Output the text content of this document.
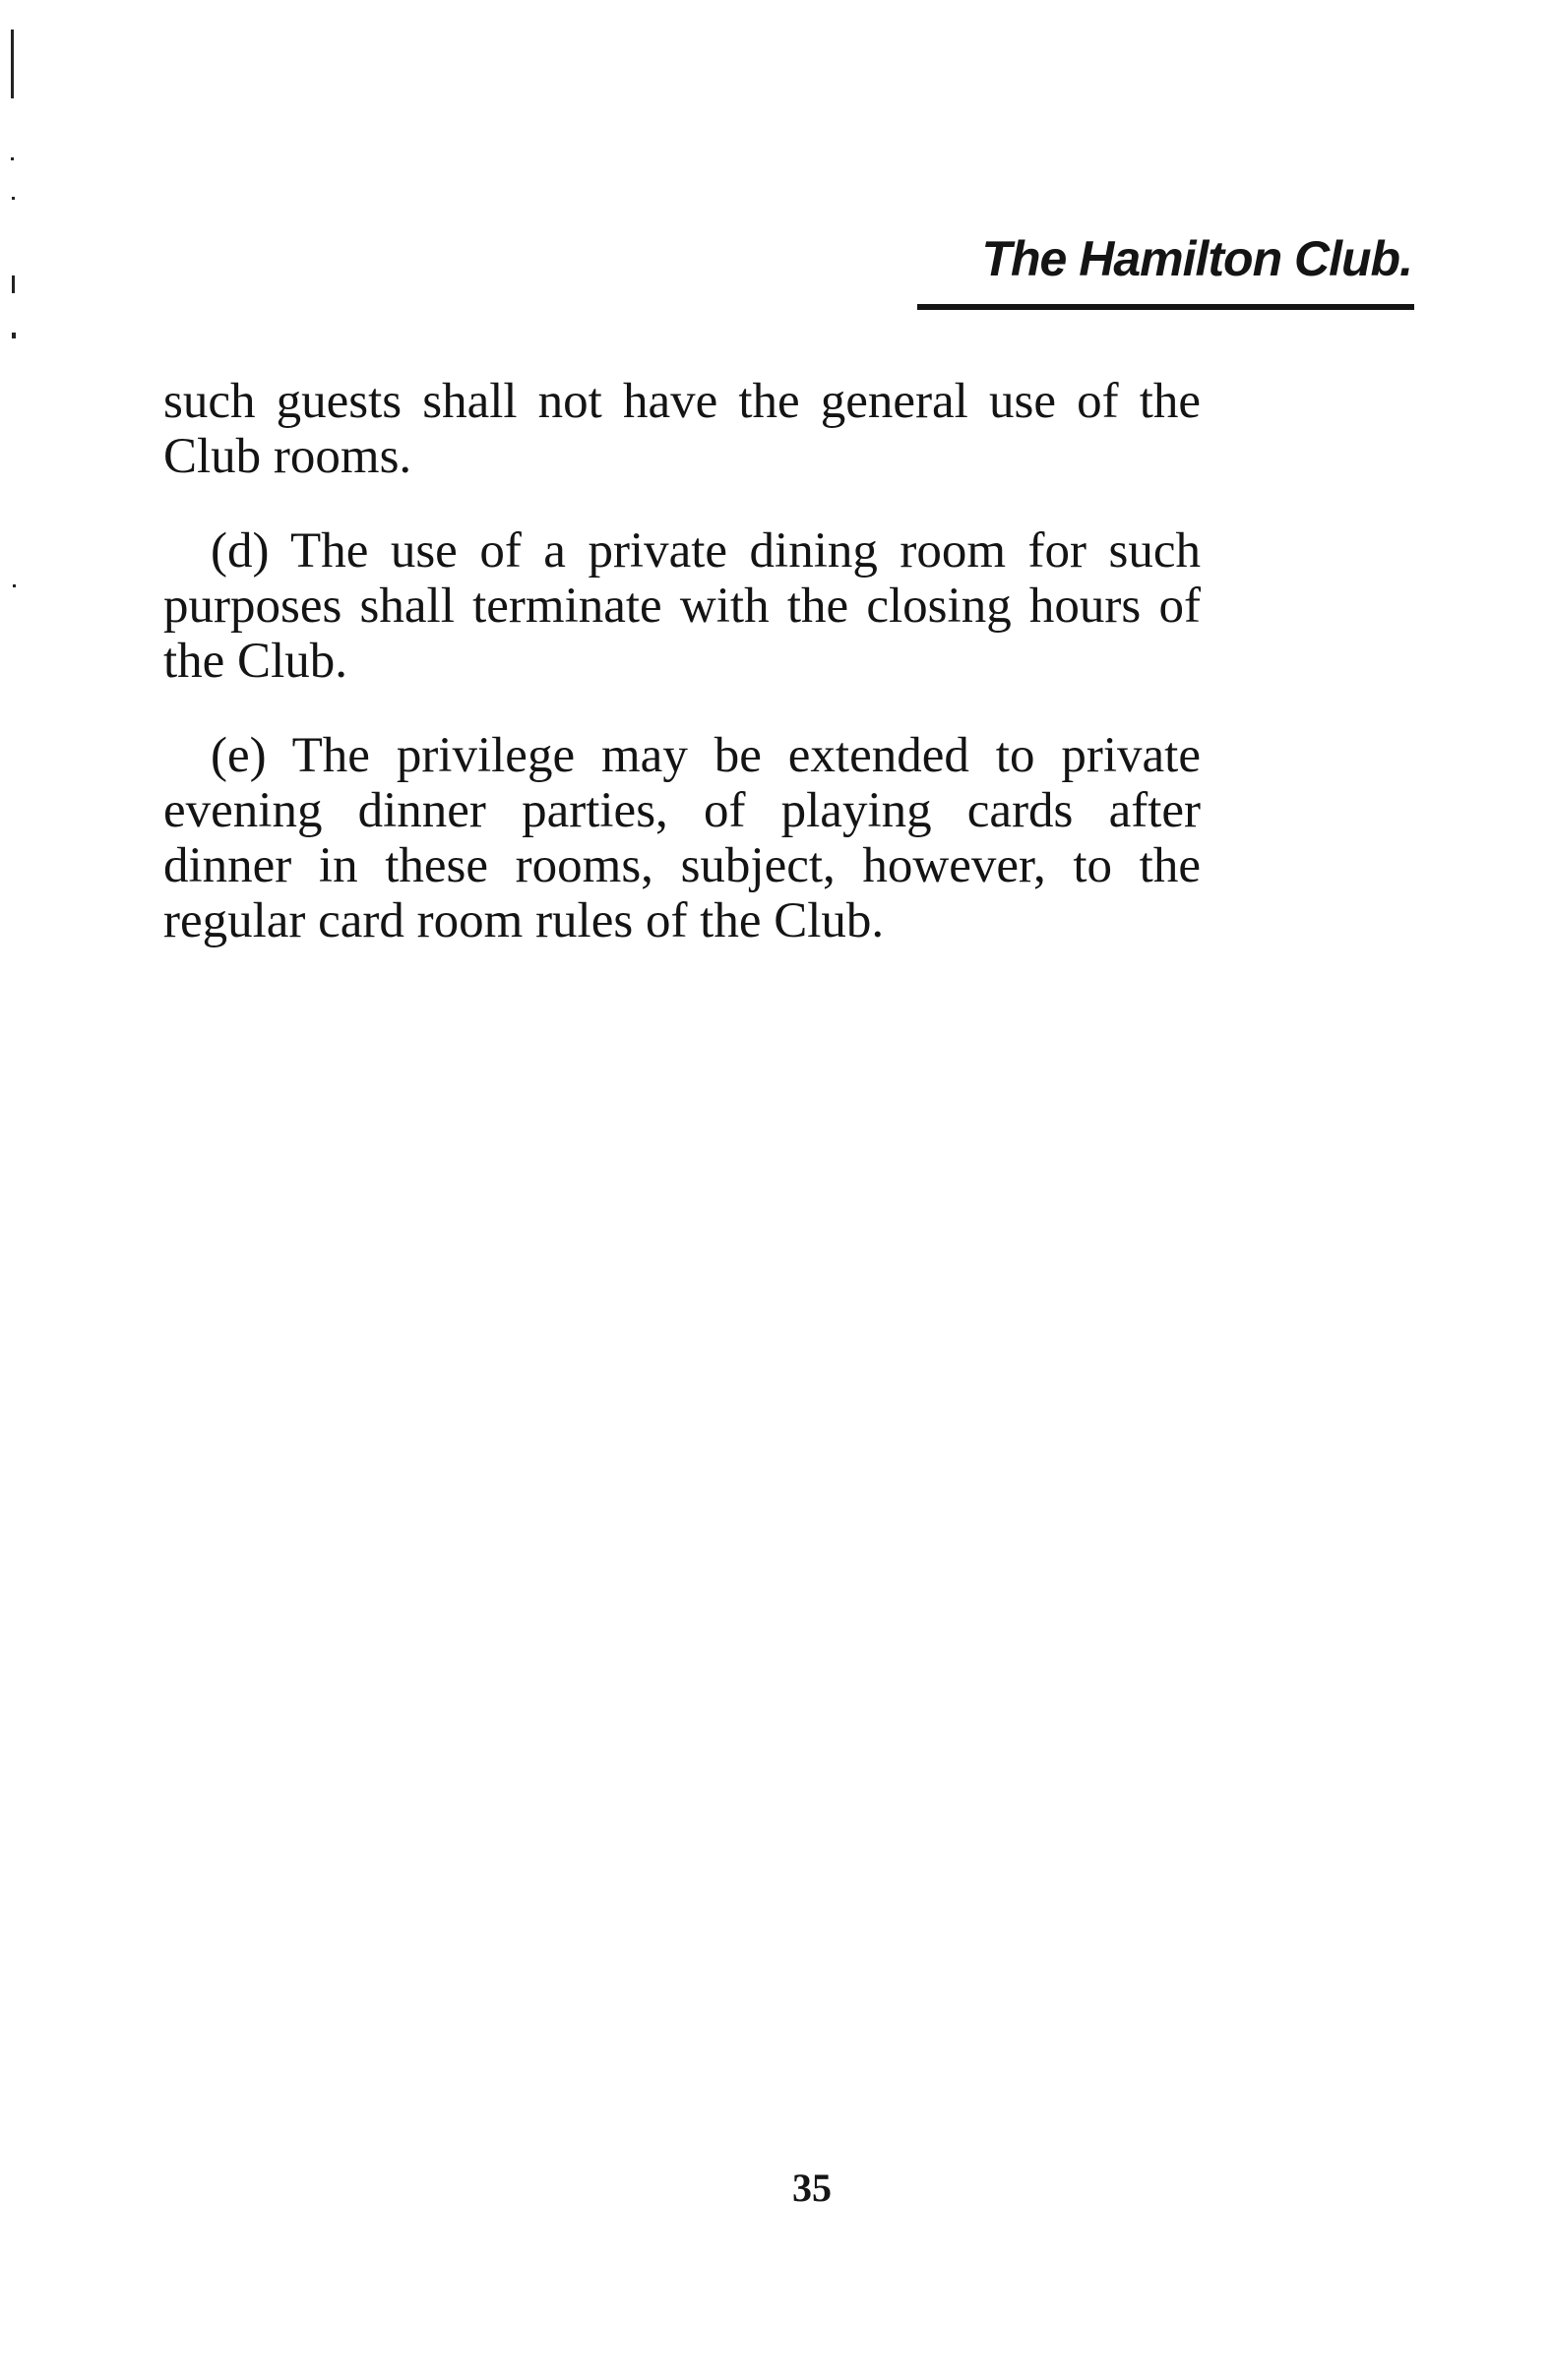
The Hamilton Club.

such guests shall not have the general use of the Club rooms.

(d) The use of a private dining room for such purposes shall terminate with the closing hours of the Club.

(e) The privilege may be extended to private evening dinner parties, of playing cards after dinner in these rooms, subject, however, to the regular card room rules of the Club.

35
